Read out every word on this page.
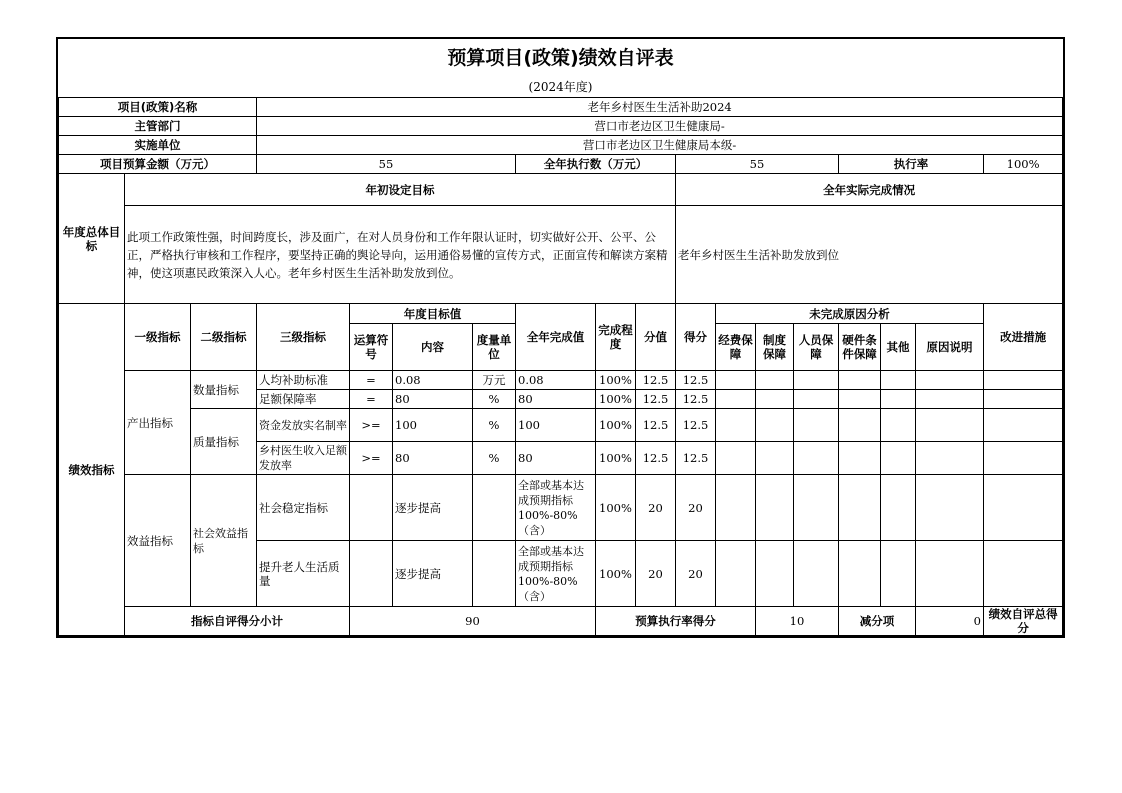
预算项目(政策)绩效自评表
(2024年度)
项目(政策)名称			老年乡村医生生活补助2024															
主管部门			营口市老边区卫生健康局-															
实施单位			营口市老边区卫生健康局本级-															
项目预算金额（万元）			55				全年执行数（万元）			55				执行率			100%	
年度总体目标	年初设定目标									全年实际完成情况								
	此项工作政策性强，时间跨度长，涉及面广，在对人员身份和工作年限认证时，切实做好公开、公平、公正，严格执行审核和工作程序，要坚持正确的舆论导向，运用通俗易懂的宣传方式，正面宣传和解读方案精神，使这项惠民政策深入人心。老年乡村医生生活补助发放到位。									老年乡村医生生活补助发放到位								
绩效指标	一级指标	二级指标	三级指标	年度目标值			全年完成值	完成程度	分值	得分	未完成原因分析						改进措施	
				运算符号	内容	度量单位					经费保障	制度保障	人员保障	硬件条件保障	其他	原因说明		
	产出指标	数量指标	人均补助标准	=	0.08	万元	0.08	100%	12.5	12.5								
			足额保障率	=	80	%	80	100%	12.5	12.5								
		质量指标	资金发放实名制率	>=	100	%	100	100%	12.5	12.5								
			乡村医生收入足额发放率	>=	80	%	80	100%	12.5	12.5								
	效益指标	社会效益指标	社会稳定指标		逐步提高		全部或基本达成预期指标100%-80%（含）	100%	20	20								
			提升老人生活质量		逐步提高		全部或基本达成预期指标100%-80%（含）	100%	20	20								
	指标自评得分小计			90				预算执行率得分				10		减分项		0	绩效自评总得分	
